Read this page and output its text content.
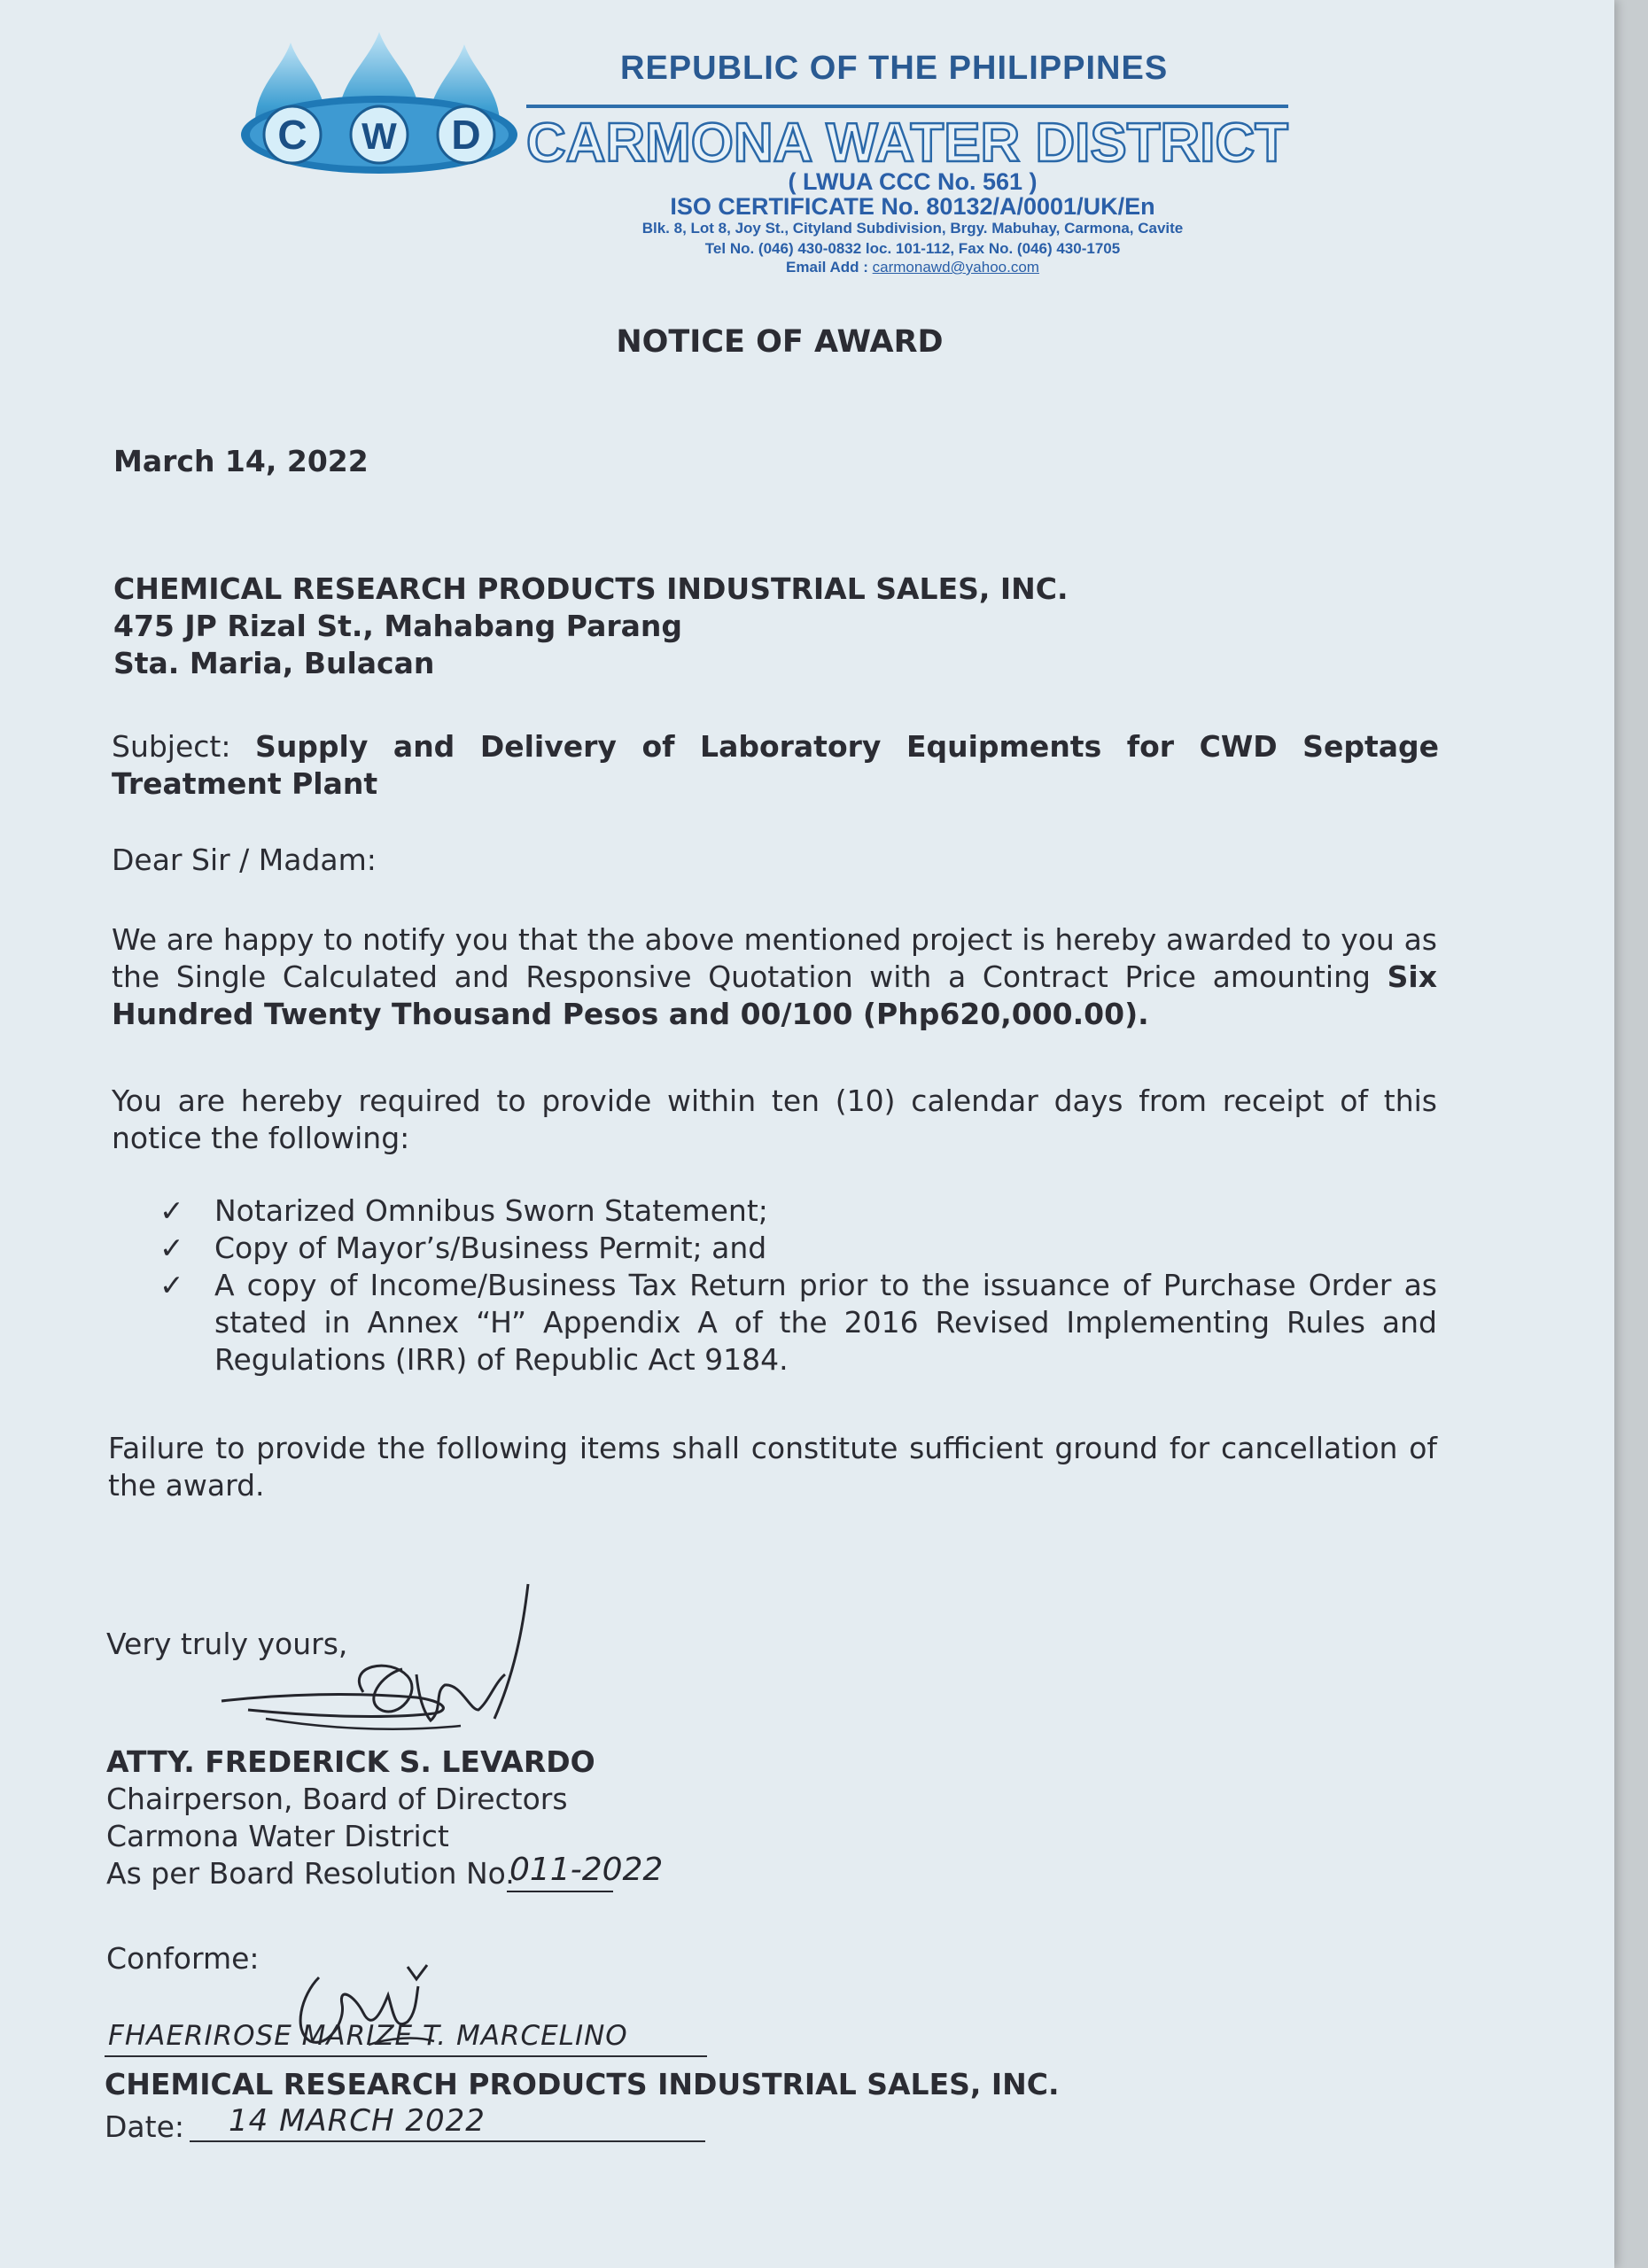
C W D
REPUBLIC OF THE PHILIPPINES
CARMONA WATER DISTRICT
( LWUA CCC No. 561 )
ISO CERTIFICATE No. 80132/A/0001/UK/En
Blk. 8, Lot 8, Joy St., Cityland Subdivision, Brgy. Mabuhay, Carmona, Cavite
Tel No. (046) 430-0832 loc. 101-112, Fax No. (046) 430-1705
Email Add : carmonawd@yahoo.com
NOTICE OF AWARD
March 14, 2022
CHEMICAL RESEARCH PRODUCTS INDUSTRIAL SALES, INC.
475 JP Rizal St., Mahabang Parang
Sta. Maria, Bulacan
Subject: Supply and Delivery of Laboratory Equipments for CWD Septage Treatment Plant
Dear Sir / Madam:
We are happy to notify you that the above mentioned project is hereby awarded to you as the Single Calculated and Responsive Quotation with a Contract Price amounting Six Hundred Twenty Thousand Pesos and 00/100 (Php620,000.00).
You are hereby required to provide within ten (10) calendar days from receipt of this notice the following:
✓	Notarized Omnibus Sworn Statement;
✓	Copy of Mayor’s/Business Permit; and
✓	A copy of Income/Business Tax Return prior to the issuance of Purchase Order as stated in Annex “H” Appendix A of the 2016 Revised Implementing Rules and Regulations (IRR) of Republic Act 9184.
Failure to provide the following items shall constitute sufficient ground for cancellation of the award.
Very truly yours,
ATTY. FREDERICK S. LEVARDO
Chairperson, Board of Directors
Carmona Water District
As per Board Resolution No.
011-2022
Conforme:
FHAERIROSE MARIZE T. MARCELINO
CHEMICAL RESEARCH PRODUCTS INDUSTRIAL SALES, INC.
Date: 14 MARCH 2022
